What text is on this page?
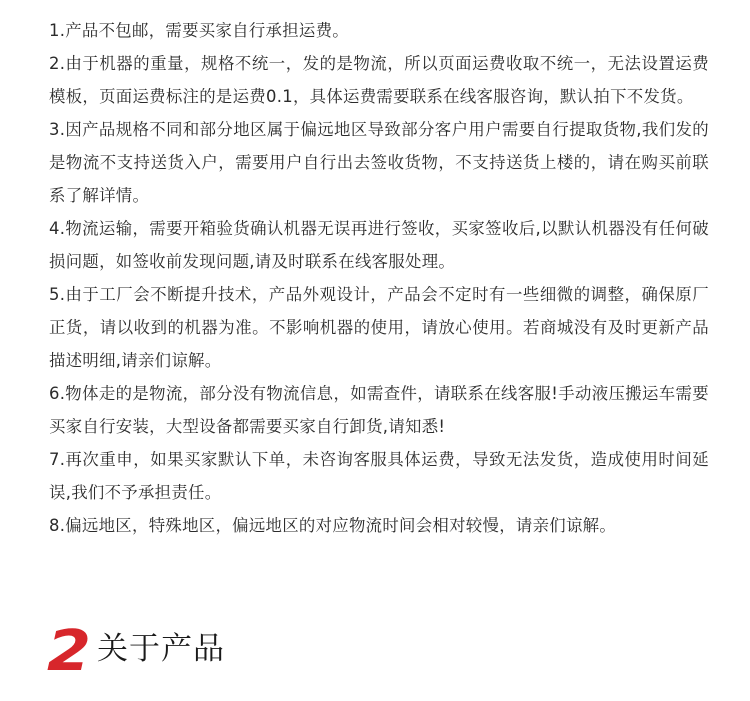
1.产品不包邮，需要买家自行承担运费。
2.由于机器的重量，规格不统一，发的是物流，所以页面运费收取不统一，无法设置运费模板，页面运费标注的是运费0.1，具体运费需要联系在线客服咨询，默认拍下不发货。
3.因产品规格不同和部分地区属于偏远地区导致部分客户用户需要自行提取货物,我们发的是物流不支持送货入户，需要用户自行出去签收货物，不支持送货上楼的，请在购买前联系了解详情。
4.物流运输，需要开箱验货确认机器无误再进行签收，买家签收后,以默认机器没有任何破损问题，如签收前发现问题,请及时联系在线客服处理。
5.由于工厂会不断提升技术，产品外观设计，产品会不定时有一些细微的调整，确保原厂正货，请以收到的机器为准。不影响机器的使用，请放心使用。若商城没有及时更新产品描述明细,请亲们谅解。
6.物体走的是物流，部分没有物流信息，如需查件，请联系在线客服!手动液压搬运车需要买家自行安装，大型设备都需要买家自行卸货,请知悉!
7.再次重申，如果买家默认下单，未咨询客服具体运费，导致无法发货，造成使用时间延误,我们不予承担责任。
8.偏远地区，特殊地区，偏远地区的对应物流时间会相对较慢，请亲们谅解。
2 关于产品
